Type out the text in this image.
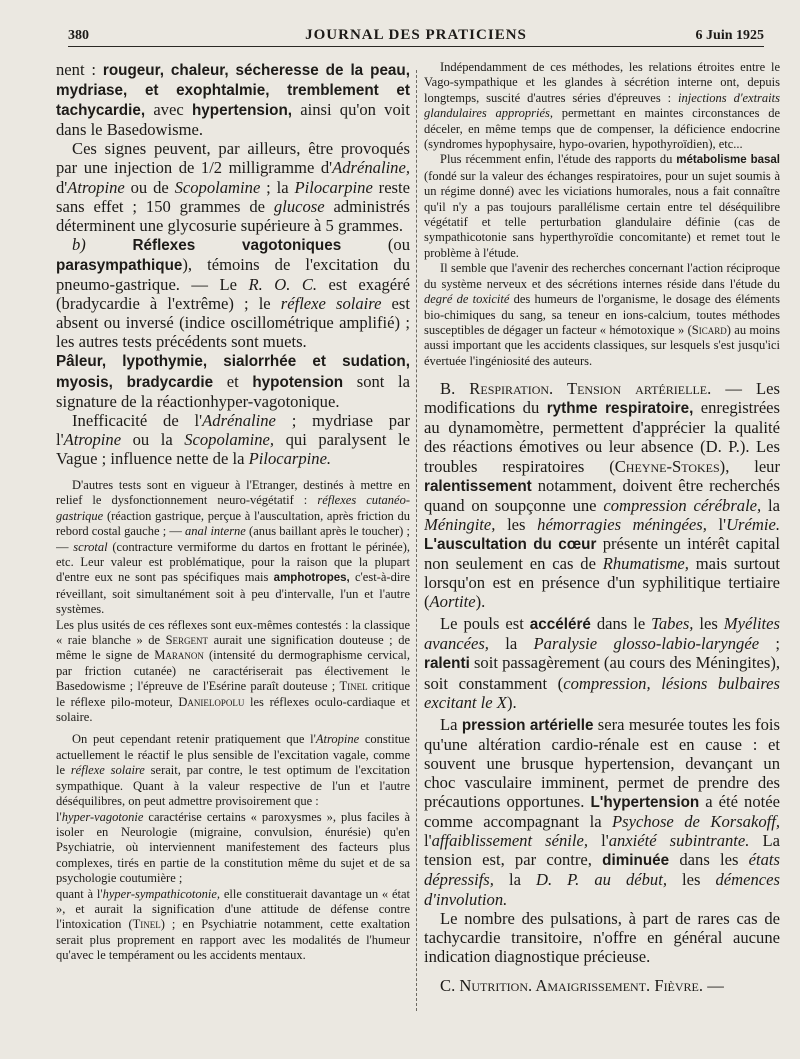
380	JOURNAL DES PRATICIENS	6 Juin 1925

nent : rougeur, chaleur, sécheresse de la peau, mydriase, et exophtalmie, tremblement et tachycardie, avec hypertension, ainsi qu'on voit dans le Basedowisme.

Ces signes peuvent, par ailleurs, être provoqués par une injection de 1/2 milligramme d'Adrénaline, d'Atropine ou de Scopolamine ; la Pilocarpine reste sans effet ; 150 grammes de glucose administrés déterminent une glycosurie supérieure à 5 grammes.

b) Réflexes vagotoniques (ou parasympathique), témoins de l'excitation du pneumo-gastrique. — Le R. O. C. est exagéré (bradycardie à l'extrême) ; le réflexe solaire est absent ou inversé (indice oscillométrique amplifié) ; les autres tests précédents sont muets.

Pâleur, lypothymie, sialorrhée et sudation, myosis, bradycardie et hypotension sont la signature de la réactionhyper-vagotonique.

Inefficacité de l'Adrénaline ; mydriase par l'Atropine ou la Scopolamine, qui paralysent le Vague ; influence nette de la Pilocarpine.

D'autres tests sont en vigueur à l'Etranger, destinés à mettre en relief le dysfonctionnement neuro-végétatif : réflexes cutanéo-gastrique (réaction gastrique, perçue à l'auscultation, après friction du rebord costal gauche ; — anal interne (anus baillant après le toucher) ; — scrotal (contracture vermiforme du dartos en frottant le périnée), etc. Leur valeur est problématique, pour la raison que la plupart d'entre eux ne sont pas spécifiques mais amphotropes, c'est-à-dire réveillant, soit simultanément soit à peu d'intervalle, l'un et l'autre systèmes.

Les plus usités de ces réflexes sont eux-mêmes contestés : la classique « raie blanche » de Sergent aurait une signification douteuse ; de même le signe de Maranon (intensité du dermographisme cervical, par friction cutanée) ne caractériserait pas électivement le Basedowisme ; l'épreuve de l'Esérine paraît douteuse ; Tinel critique le réflexe pilo-moteur, Danielopolu les réflexes oculo-cardiaque et solaire.

On peut cependant retenir pratiquement que l'Atropine constitue actuellement le réactif le plus sensible de l'excitation vagale, comme le réflexe solaire serait, par contre, le test optimum de l'excitation sympathique. Quant à la valeur respective de l'un et l'autre déséquilibres, on peut admettre provisoirement que :

l'hyper-vagotonie caractérise certains « paroxysmes », plus faciles à isoler en Neurologie (migraine, convulsion, énurésie) qu'en Psychiatrie, où interviennent manifestement des facteurs plus complexes, tirés en partie de la constitution même du sujet et de sa psychologie coutumière ;

quant à l'hyper-sympathicotonie, elle constituerait davantage un « état », et aurait la signification d'une attitude de défense contre l'intoxication (Tinel) ; en Psychiatrie notamment, cette exaltation serait plus proprement en rapport avec les modalités de l'humeur qu'avec le tempérament ou les accidents mentaux.

Indépendamment de ces méthodes, les relations étroites entre le Vago-sympathique et les glandes à sécrétion interne ont, depuis longtemps, suscité d'autres séries d'épreuves : injections d'extraits glandulaires appropriés, permettant en maintes circonstances de déceler, en même temps que de compenser, la déficience endocrine (syndromes hypophysaire, hypo-ovarien, hypothyroïdien), etc...

Plus récemment enfin, l'étude des rapports du métabolisme basal (fondé sur la valeur des échanges respiratoires, pour un sujet soumis à un régime donné) avec les viciations humorales, nous a fait connaître qu'il n'y a pas toujours parallélisme certain entre tel déséquilibre végétatif et telle perturbation glandulaire définie (cas de sympathicotonie sans hyperthyroïdie concomitante) et remet tout le problème à l'étude.

Il semble que l'avenir des recherches concernant l'action réciproque du système nerveux et des sécrétions internes réside dans l'étude du degré de toxicité des humeurs de l'organisme, le dosage des éléments bio-chimiques du sang, sa teneur en ions-calcium, toutes méthodes susceptibles de dégager un facteur « hémotoxique » (Sicard) au moins aussi important que les accidents classiques, sur lesquels s'est jusqu'ici évertuée l'ingéniosité des auteurs.

B. Respiration. Tension artérielle. — Les modifications du rythme respiratoire, enregistrées au dynamomètre, permettent d'apprécier la qualité des réactions émotives ou leur absence (D. P.). Les troubles respiratoires (Cheyne-Stokes), leur ralentissement notamment, doivent être recherchés quand on soupçonne une compression cérébrale, la Méningite, les hémorragies méningées, l'Urémie. L'auscultation du cœur présente un intérêt capital non seulement en cas de Rhumatisme, mais surtout lorsqu'on est en présence d'un syphilitique tertiaire (Aortite).

Le pouls est accéléré dans le Tabes, les Myélites avancées, la Paralysie glosso-labio-laryngée ; ralenti soit passagèrement (au cours des Méningites), soit constamment (compression, lésions bulbaires excitant le X).

La pression artérielle sera mesurée toutes les fois qu'une altération cardio-rénale est en cause : et souvent une brusque hypertension, devançant un choc vasculaire imminent, permet de prendre des précautions opportunes. L'hypertension a été notée comme accompagnant la Psychose de Korsakoff, l'affaiblissement sénile, l'anxiété subintrante. La tension est, par contre, diminuée dans les états dépressifs, la D. P. au début, les démences d'involution.

Le nombre des pulsations, à part de rares cas de tachycardie transitoire, n'offre en général aucune indication diagnostique précieuse.

C. Nutrition. Amaigrissement. Fièvre. —
